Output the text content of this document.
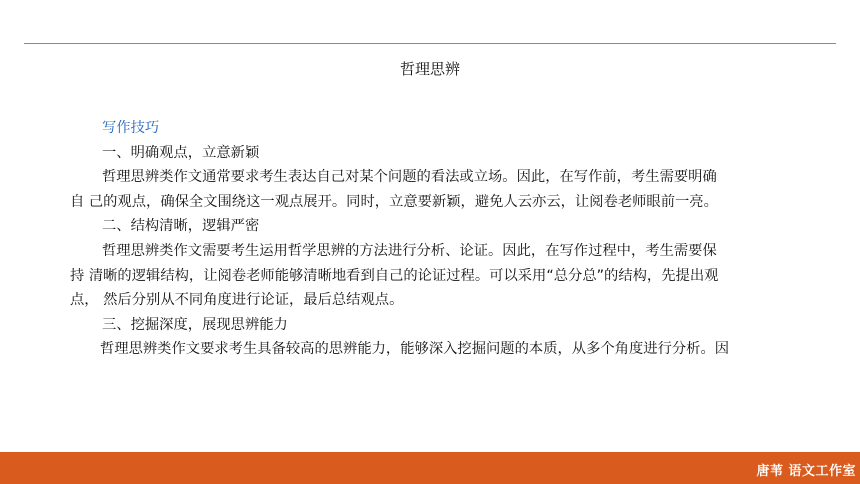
哲理思辨
写作技巧
一、明确观点，立意新颖
哲理思辨类作文通常要求考生表达自己对某个问题的看法或立场。因此，在写作前，考生需要明确
自 己的观点，确保全文围绕这一观点展开。同时，立意要新颖，避免人云亦云，让阅卷老师眼前一亮。
二、结构清晰，逻辑严密
哲理思辨类作文需要考生运用哲学思辨的方法进行分析、论证。因此，在写作过程中，考生需要保
持 清晰的逻辑结构，让阅卷老师能够清晰地看到自己的论证过程。可以采用“总分总”的结构，先提出观
点， 然后分别从不同角度进行论证，最后总结观点。
三、挖掘深度，展现思辨能力
哲理思辨类作文要求考生具备较高的思辨能力，能够深入挖掘问题的本质，从多个角度进行分析。因
唐苇 语文工作室
